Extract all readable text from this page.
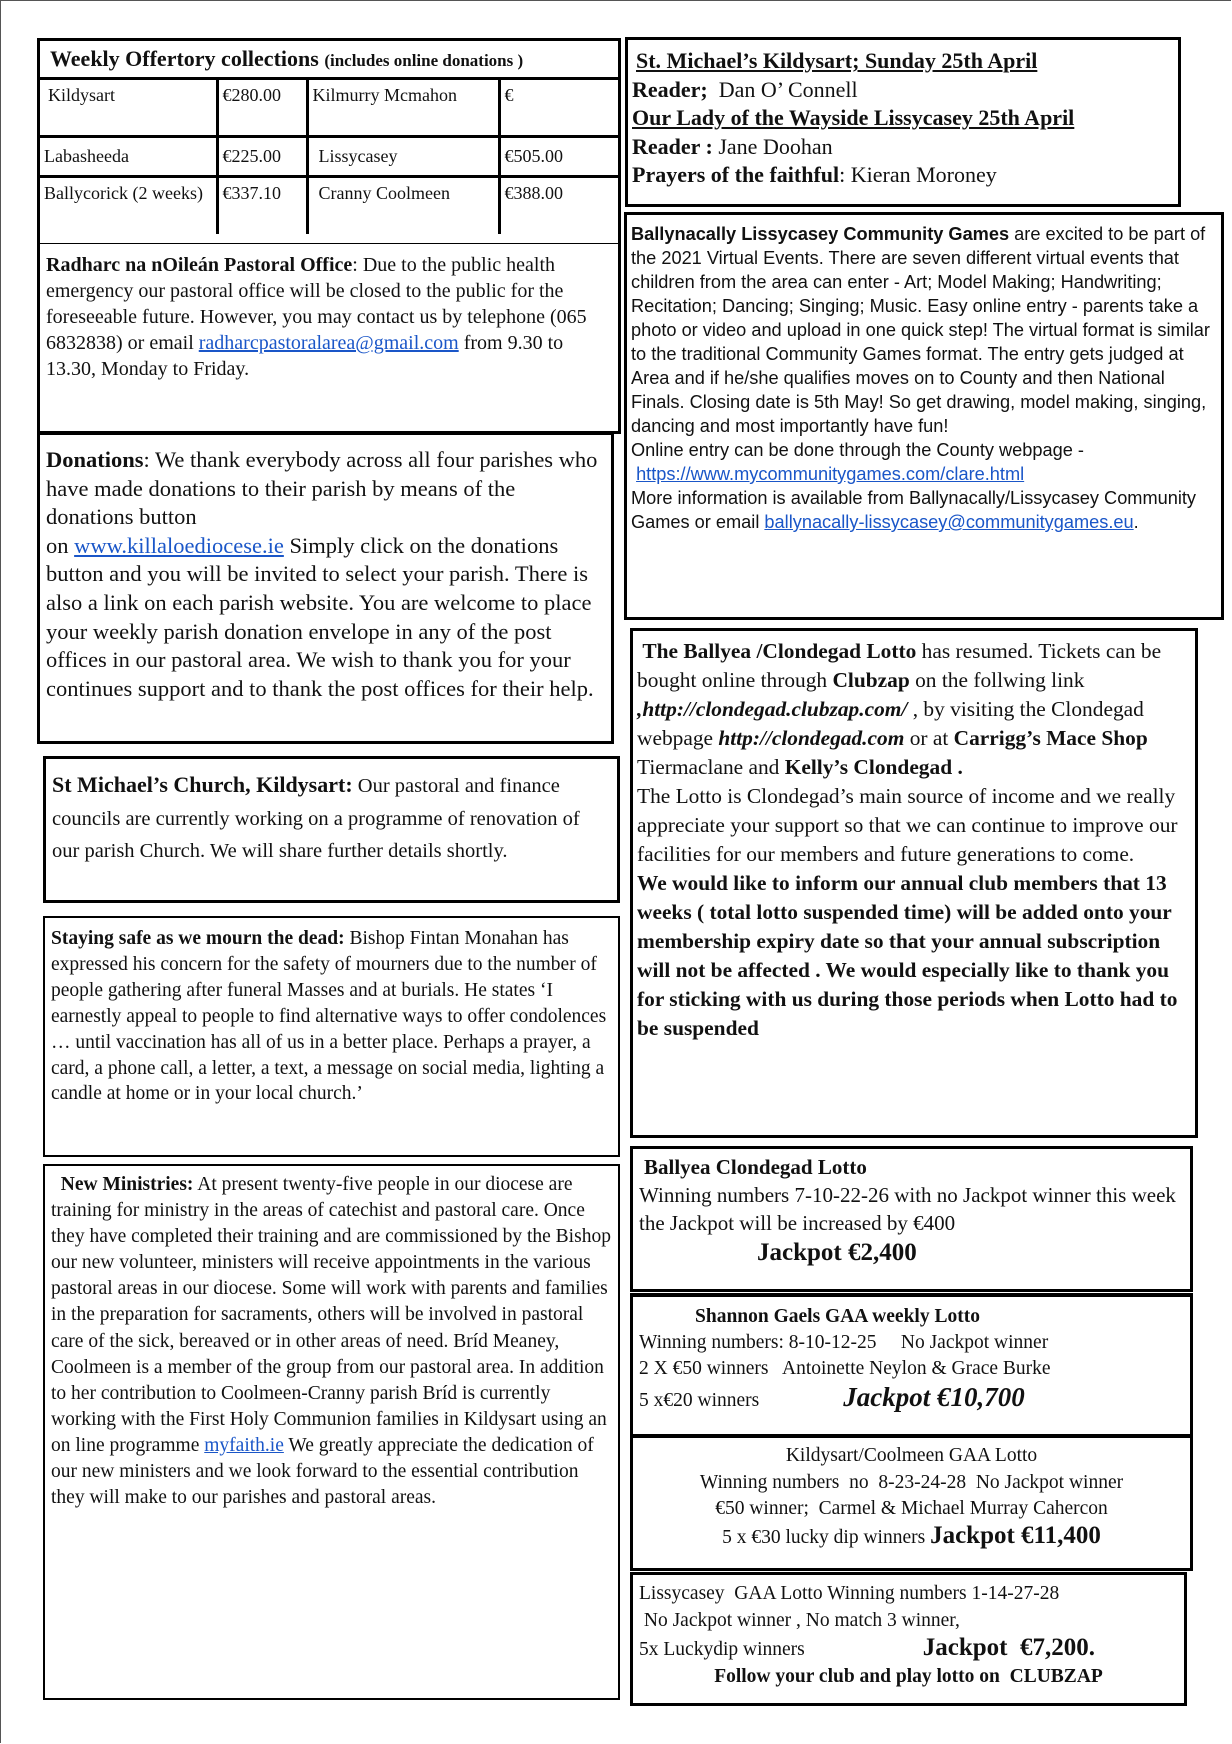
Weekly Offertory collections (includes online donations )
Kildysart	€280.00	Kilmurry Mcmahon	€
Labasheeda	€225.00	Lissycasey	€505.00
Ballycorick (2 weeks)	€337.10	Cranny Coolmeen	€388.00

Radharc na nOileán Pastoral Office: Due to the public health emergency our pastoral office will be closed to the public for the foreseeable future. However, you may contact us by telephone (065 6832838) or email radharcpastoralarea@gmail.com from 9.30 to 13.30, Monday to Friday.

Donations: We thank everybody across all four parishes who have made donations to their parish by means of the donations button
on www.killaloediocese.ie Simply click on the donations button and you will be invited to select your parish. There is also a link on each parish website. You are welcome to place your weekly parish donation envelope in any of the post offices in our pastoral area. We wish to thank you for your continues support and to thank the post offices for their help.

St Michael’s Church, Kildysart: Our pastoral and finance councils are currently working on a programme of renovation of our parish Church. We will share further details shortly.

Staying safe as we mourn the dead: Bishop Fintan Monahan has expressed his concern for the safety of mourners due to the number of people gathering after funeral Masses and at burials. He states ‘I earnestly appeal to people to find alternative ways to offer condolences … until vaccination has all of us in a better place. Perhaps a prayer, a card, a phone call, a letter, a text, a message on social media, lighting a candle at home or in your local church.’

New Ministries: At present twenty-five people in our diocese are training for ministry in the areas of catechist and pastoral care. Once they have completed their training and are commissioned by the Bishop our new volunteer, ministers will receive appointments in the various pastoral areas in our diocese. Some will work with parents and families in the preparation for sacraments, others will be involved in pastoral care of the sick, bereaved or in other areas of need. Bríd Meaney, Coolmeen is a member of the group from our pastoral area. In addition to her contribution to Coolmeen-Cranny parish Bríd is currently working with the First Holy Communion families in Kildysart using an on line programme myfaith.ie We greatly appreciate the dedication of our new ministers and we look forward to the essential contribution they will make to our parishes and pastoral areas.

St. Michael’s Kildysart; Sunday 25th April

Reader;  Dan O’ Connell

Our Lady of the Wayside Lissycasey 25th April

Reader : Jane Doohan

Prayers of the faithful: Kieran Moroney

Ballynacally Lissycasey Community Games are excited to be part of the 2021 Virtual Events. There are seven different virtual events that children from the area can enter - Art; Model Making; Handwriting; Recitation; Dancing; Singing; Music. Easy online entry - parents take a photo or video and upload in one quick step! The virtual format is similar to the traditional Community Games format. The entry gets judged at Area and if he/she qualifies moves on to County and then National Finals. Closing date is 5th May! So get drawing, model making, singing, dancing and most importantly have fun!

Online entry can be done through the County webpage -

https://www.mycommunitygames.com/clare.html

More information is available from Ballynacally/Lissycasey Community Games or email ballynacally-lissycasey@communitygames.eu.

The Ballyea /Clondegad Lotto has resumed. Tickets can be bought online through Clubzap on the follwing link ,http://clondegad.clubzap.com/ , by visiting the Clondegad webpage http://clondegad.com or at Carrigg’s Mace Shop Tiermaclane and Kelly’s Clondegad .

The Lotto is Clondegad’s main source of income and we really appreciate your support so that we can continue to improve our facilities for our members and future generations to come.

We would like to inform our annual club members that 13 weeks ( total lotto suspended time) will be added onto your membership expiry date so that your annual subscription will not be affected . We would especially like to thank you for sticking with us during those periods when Lotto had to be suspended

Ballyea Clondegad Lotto

Winning numbers 7-10-22-26 with no Jackpot winner this week the Jackpot will be increased by €400

Jackpot €2,400

Shannon Gaels GAA weekly Lotto

Winning numbers: 8-10-12-25     No Jackpot winner

2 X €50 winners   Antoinette Neylon & Grace Burke

5 x€20 winners	Jackpot €10,700

Kildysart/Coolmeen GAA Lotto

Winning numbers  no  8-23-24-28  No Jackpot winner

€50 winner;  Carmel & Michael Murray Cahercon

5 x €30 lucky dip winners Jackpot €11,400

Lissycasey  GAA Lotto Winning numbers 1-14-27-28

No Jackpot winner , No match 3 winner,

5x Luckydip winners	Jackpot  €7,200.

Follow your club and play lotto on  CLUBZAP
